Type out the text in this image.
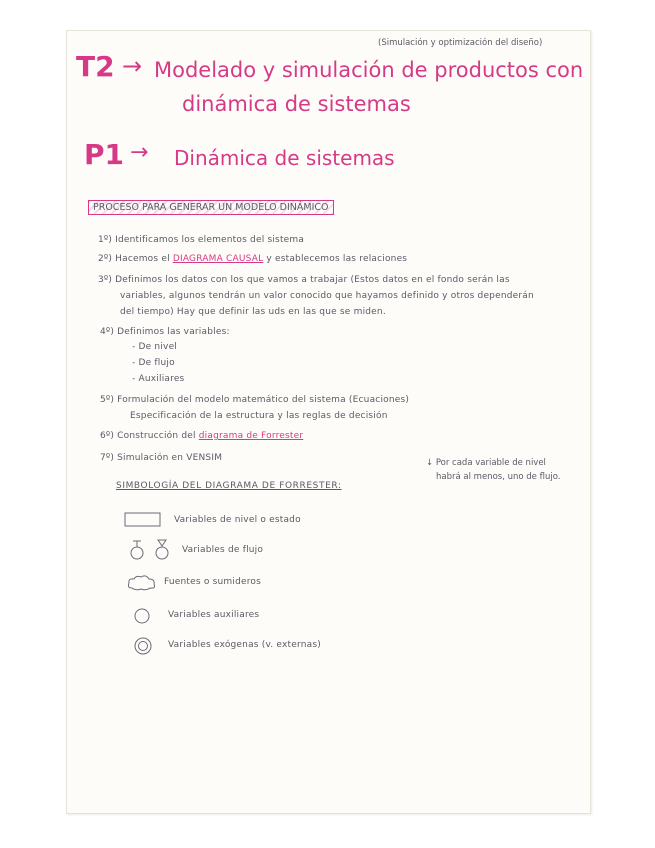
(Simulación y optimización del diseño)
T2 → Modelado y simulación de productos con
dinámica de sistemas
P1 → Dinámica de sistemas
PROCESO PARA GENERAR UN MODELO DINÁMICO
1º) Identificamos los elementos del sistema
2º) Hacemos el DIAGRAMA CAUSAL y establecemos las relaciones
3º) Definimos los datos con los que vamos a trabajar (Estos datos en el fondo serán las
variables, algunos tendrán un valor conocido que hayamos definido y otros dependerán
del tiempo) Hay que definir las uds en las que se miden.
4º) Definimos las variables:
- De nivel
- De flujo
- Auxiliares
5º) Formulación del modelo matemático del sistema (Ecuaciones)
Especificación de la estructura y las reglas de decisión
6º) Construcción del diagrama de Forrester
7º) Simulación en VENSIM	↓ Por cada variable de nivel
habrá al menos, uno de flujo.
SIMBOLOGÍA DEL DIAGRAMA DE FORRESTER:
Variables de nivel o estado
Variables de flujo
Fuentes o sumideros
Variables auxiliares
Variables exógenas (v. externas)
